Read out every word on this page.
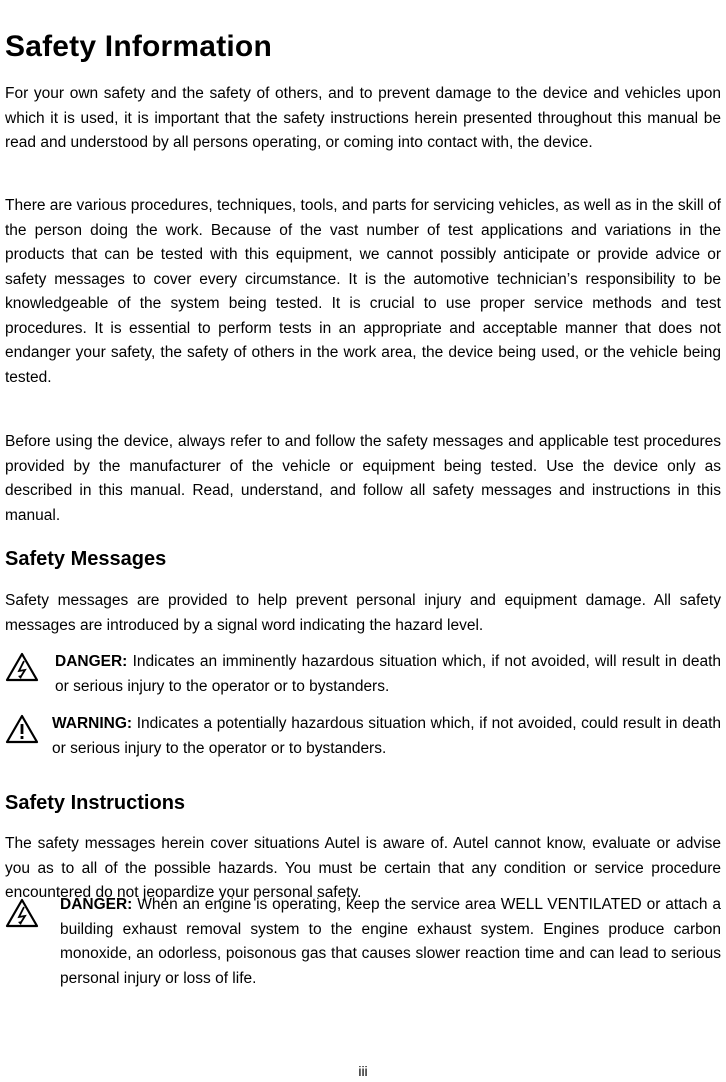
Safety Information

For your own safety and the safety of others, and to prevent damage to the device and vehicles upon which it is used, it is important that the safety instructions herein presented throughout this manual be read and understood by all persons operating, or coming into contact with, the device.

There are various procedures, techniques, tools, and parts for servicing vehicles, as well as in the skill of the person doing the work. Because of the vast number of test applications and variations in the products that can be tested with this equipment, we cannot possibly anticipate or provide advice or safety messages to cover every circumstance. It is the automotive technician’s responsibility to be knowledgeable of the system being tested. It is crucial to use proper service methods and test procedures. It is essential to perform tests in an appropriate and acceptable manner that does not endanger your safety, the safety of others in the work area, the device being used, or the vehicle being tested.

Before using the device, always refer to and follow the safety messages and applicable test procedures provided by the manufacturer of the vehicle or equipment being tested. Use the device only as described in this manual. Read, understand, and follow all safety messages and instructions in this manual.

Safety Messages

Safety messages are provided to help prevent personal injury and equipment damage. All safety messages are introduced by a signal word indicating the hazard level.

DANGER: Indicates an imminently hazardous situation which, if not avoided, will result in death or serious injury to the operator or to bystanders.

WARNING: Indicates a potentially hazardous situation which, if not avoided, could result in death or serious injury to the operator or to bystanders.

Safety Instructions

The safety messages herein cover situations Autel is aware of. Autel cannot know, evaluate or advise you as to all of the possible hazards. You must be certain that any condition or service procedure encountered do not jeopardize your personal safety.

DANGER: When an engine is operating, keep the service area WELL VENTILATED or attach a building exhaust removal system to the engine exhaust system. Engines produce carbon monoxide, an odorless, poisonous gas that causes slower reaction time and can lead to serious personal injury or loss of life.

iii
